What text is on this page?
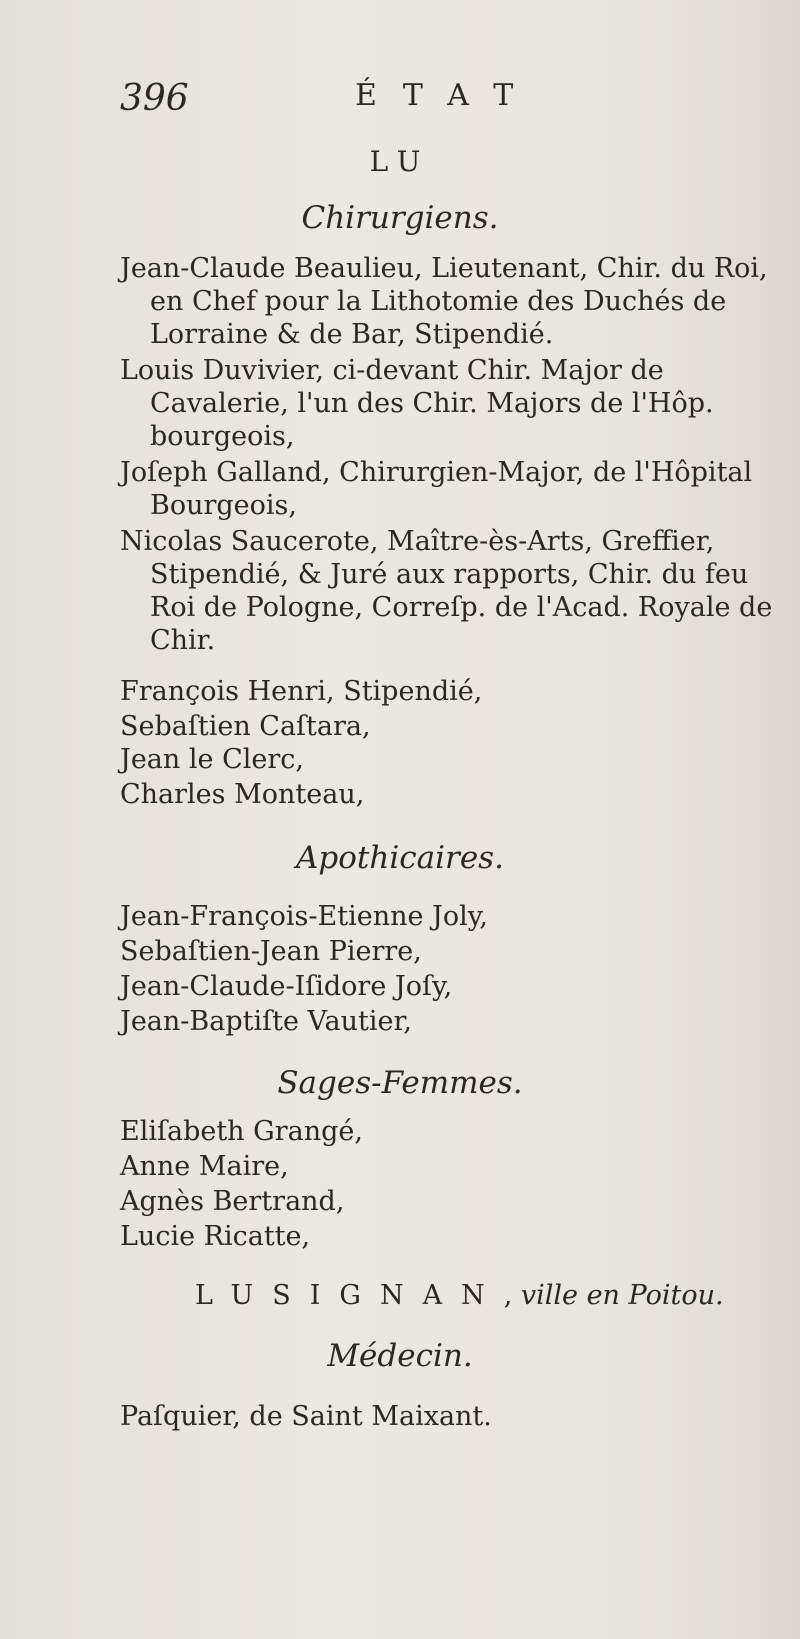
396	ÉTAT
LU
Chirurgiens.
Jean-Claude Beaulieu, Lieutenant, Chir. du Roi, en Chef pour la Lithotomie des Duchés de Lorraine & de Bar, Stipendié.
Louis Duvivier, ci-devant Chir. Major de Cavalerie, l'un des Chir. Majors de l'Hôp. bourgeois,
Joſeph Galland, Chirurgien-Major, de l'Hôpital Bourgeois,
Nicolas Saucerote, Maître-ès-Arts, Greffier, Stipendié, & Juré aux rapports, Chir. du feu Roi de Pologne, Correſp. de l'Acad. Royale de Chir.
François Henri, Stipendié,
Sebaſtien Caſtara,
Jean le Clerc,
Charles Monteau,
Apothicaires.
Jean-François-Etienne Joly,
Sebaſtien-Jean Pierre,
Jean-Claude-Iſidore Joſy,
Jean-Baptiſte Vautier,
Sages-Femmes.
Eliſabeth Grangé,
Anne Maire,
Agnès Bertrand,
Lucie Ricatte,
LUSIGNAN, ville en Poitou.
Médecin.
Paſquier, de Saint Maixant.
